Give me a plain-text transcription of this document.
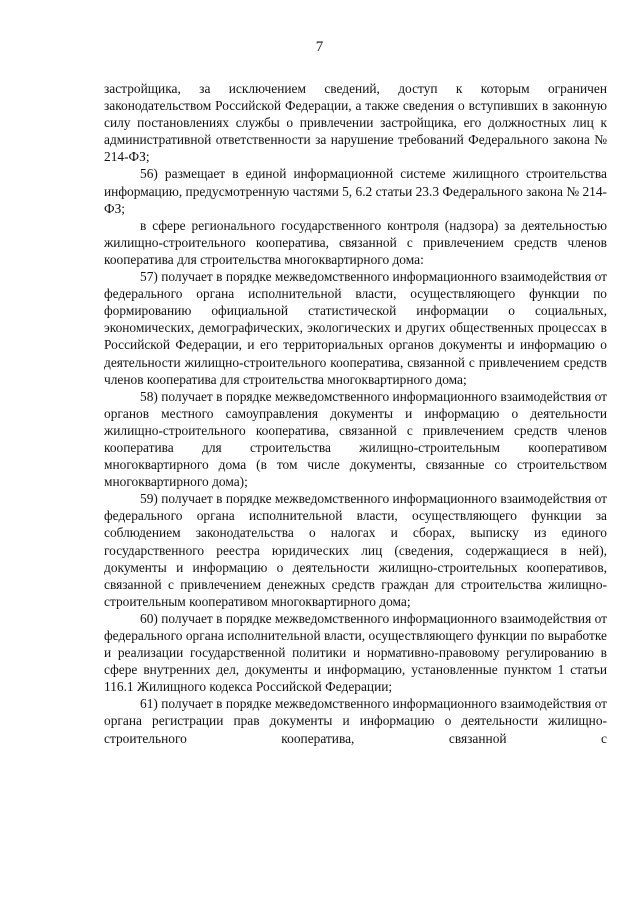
7

застройщика, за исключением сведений, доступ к которым ограничен законодательством Российской Федерации, а также сведения о вступивших в законную силу постановлениях службы о привлечении застройщика, его должностных лиц к административной ответственности за нарушение требований Федерального закона № 214-ФЗ;

56) размещает в единой информационной системе жилищного строительства информацию, предусмотренную частями 5, 6.2 статьи 23.3 Федерального закона № 214-ФЗ;

в сфере регионального государственного контроля (надзора) за деятельностью жилищно-строительного кооператива, связанной с привлечением средств членов кооператива для строительства многоквартирного дома:

57) получает в порядке межведомственного информационного взаимодействия от федерального органа исполнительной власти, осуществляющего функции по формированию официальной статистической информации о социальных, экономических, демографических, экологических и других общественных процессах в Российской Федерации, и его территориальных органов документы и информацию о деятельности жилищно-строительного кооператива, связанной с привлечением средств членов кооператива для строительства многоквартирного дома;

58) получает в порядке межведомственного информационного взаимодействия от органов местного самоуправления документы и информацию о деятельности жилищно-строительного кооператива, связанной с привлечением средств членов кооператива для строительства жилищно-строительным кооперативом многоквартирного дома (в том числе документы, связанные со строительством многоквартирного дома);

59) получает в порядке межведомственного информационного взаимодействия от федерального органа исполнительной власти, осуществляющего функции за соблюдением законодательства о налогах и сборах, выписку из единого государственного реестра юридических лиц (сведения, содержащиеся в ней), документы и информацию о деятельности жилищно-строительных кооперативов, связанной с привлечением денежных средств граждан для строительства жилищно-строительным кооперативом многоквартирного дома;

60) получает в порядке межведомственного информационного взаимодействия от федерального органа исполнительной власти, осуществляющего функции по выработке и реализации государственной политики и нормативно-правовому регулированию в сфере внутренних дел, документы и информацию, установленные пунктом 1 статьи 116.1 Жилищного кодекса Российской Федерации;

61) получает в порядке межведомственного информационного взаимодействия от органа регистрации прав документы и информацию о деятельности жилищно-строительного кооператива, связанной с
